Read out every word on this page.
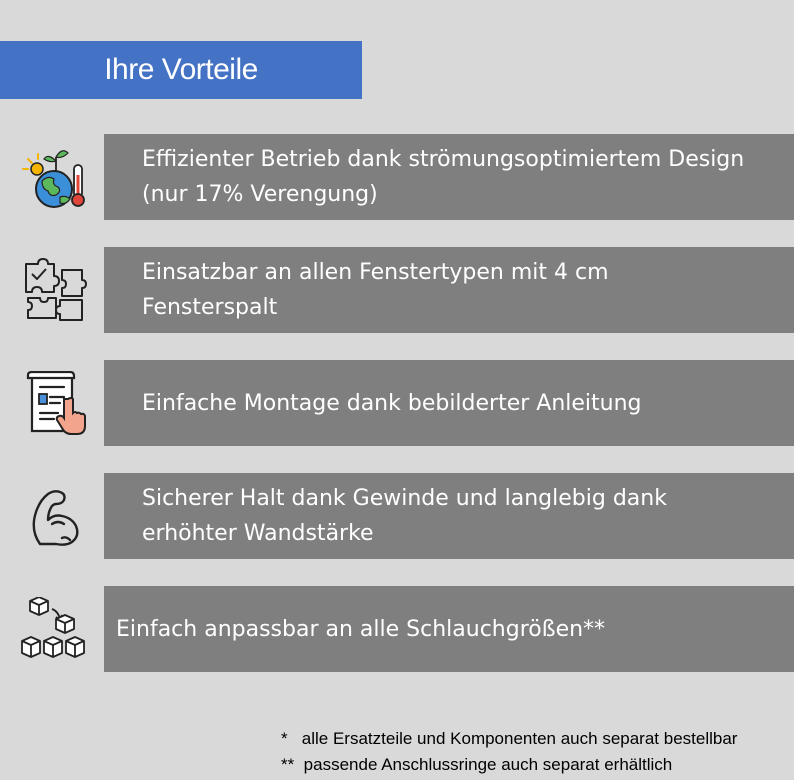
Ihre Vorteile
Effizienter Betrieb dank strömungsoptimiertem Design
(nur 17% Verengung)
Einsatzbar an allen Fenstertypen mit 4 cm
Fensterspalt
Einfache Montage dank bebilderter Anleitung
Sicherer Halt dank Gewinde und langlebig dank
erhöhter Wandstärke
Einfach anpassbar an alle Schlauchgrößen**
*   alle Ersatzteile und Komponenten auch separat bestellbar
**  passende Anschlussringe auch separat erhältlich
